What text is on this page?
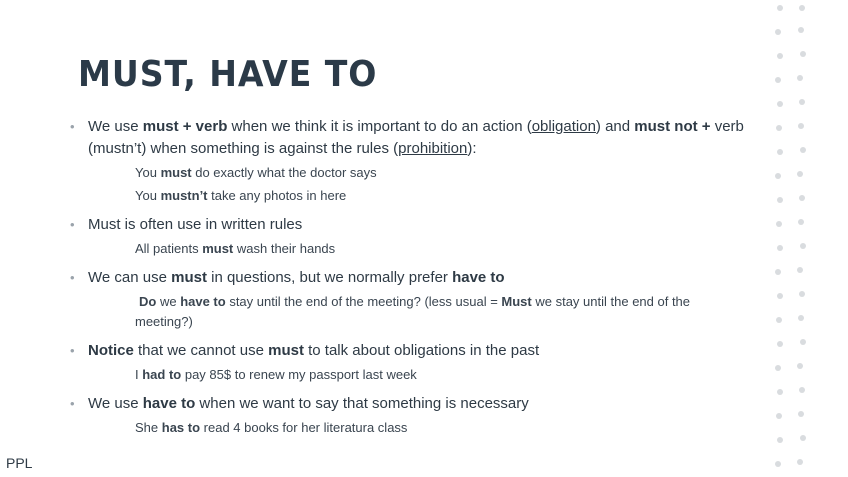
MUST, HAVE TO
• We use must + verb when we think it is important to do an action (obligation) and must not + verb (mustn’t) when something is against the rules (prohibition):
You must do exactly what the doctor says
You mustn’t take any photos in here
• Must is often use in written rules
All patients must wash their hands
• We can use must in questions, but we normally prefer have to
Do we have to stay until the end of the meeting? (less usual = Must we stay until the end of the meeting?)
• Notice that we cannot use must to talk about obligations in the past
I had to pay 85$ to renew my passport last week
• We use have to when we want to say that something is necessary
She has to read 4 books for her literatura class
PPL
